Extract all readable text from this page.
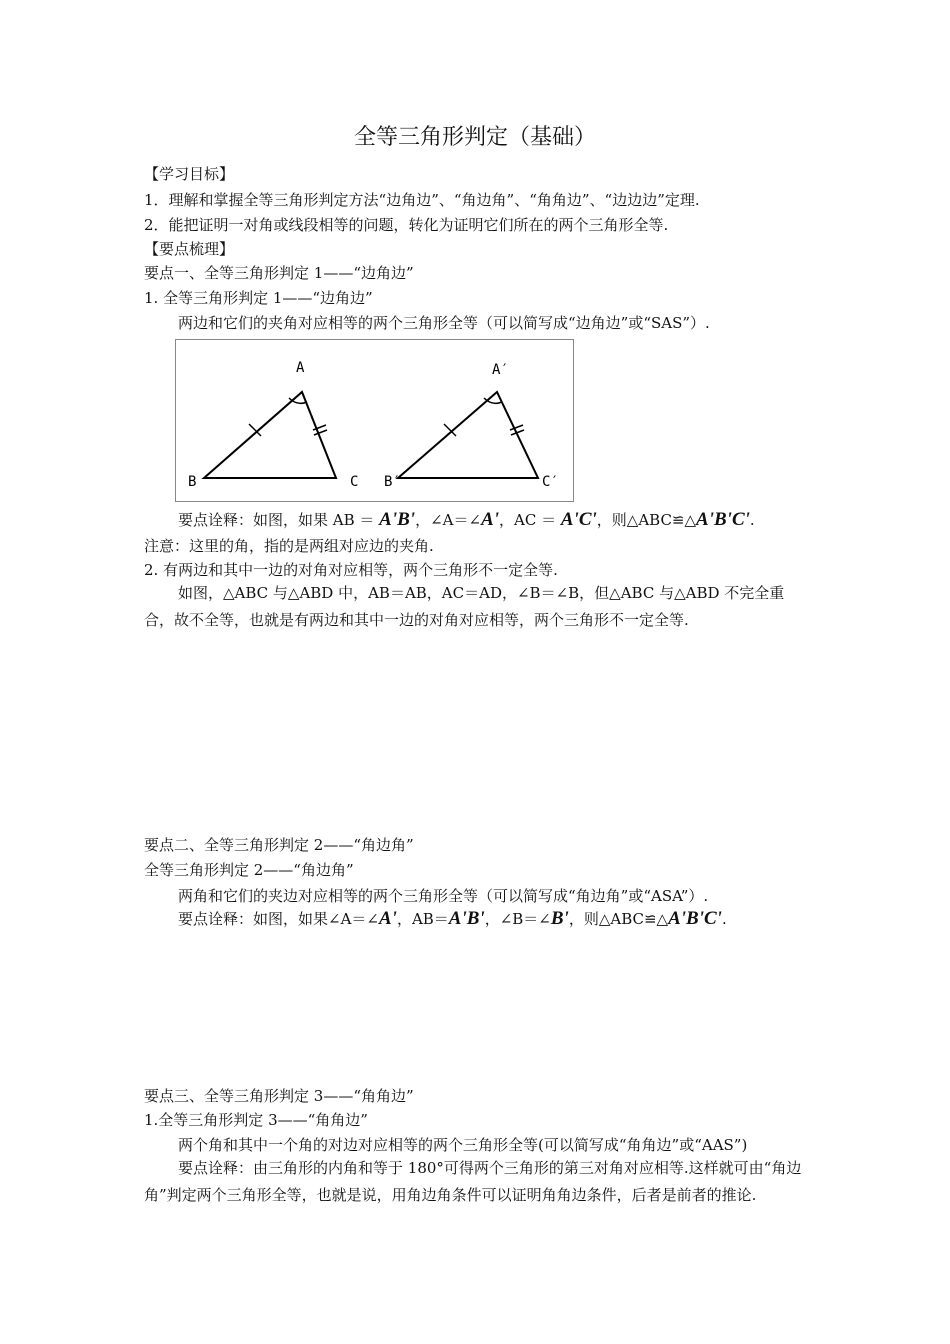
全等三角形判定（基础）
【学习目标】
1．理解和掌握全等三角形判定方法“边角边”、“角边角”、“角角边”、“边边边”定理.
2．能把证明一对角或线段相等的问题，转化为证明它们所在的两个三角形全等.
【要点梳理】
要点一、全等三角形判定 1——“边角边”
1. 全等三角形判定 1——“边角边”
两边和它们的夹角对应相等的两个三角形全等（可以简写成“边角边”或“SAS”）.
A
B	C
A′
B′	C′
要点诠释：如图，如果 AB ＝ A'B'，∠A＝∠A'，AC ＝ A'C'，则△ABC≌△A'B'C'.
注意：这里的角，指的是两组对应边的夹角.
2. 有两边和其中一边的对角对应相等，两个三角形不一定全等.
如图，△ABC 与△ABD 中，AB＝AB，AC＝AD，∠B＝∠B，但△ABC 与△ABD 不完全重合，故不全等，也就是有两边和其中一边的对角对应相等，两个三角形不一定全等.
要点二、全等三角形判定 2——“角边角”
全等三角形判定 2——“角边角”
两角和它们的夹边对应相等的两个三角形全等（可以简写成“角边角”或“ASA”）.
要点诠释：如图，如果∠A＝∠A'，AB＝A'B'，∠B＝∠B'，则△ABC≌△A'B'C'.
要点三、全等三角形判定 3——“角角边”
1.全等三角形判定 3——“角角边”
两个角和其中一个角的对边对应相等的两个三角形全等(可以简写成“角角边”或“AAS”)
要点诠释：由三角形的内角和等于 180°可得两个三角形的第三对角对应相等.这样就可由“角边角”判定两个三角形全等，也就是说，用角边角条件可以证明角角边条件，后者是前者的推论.
